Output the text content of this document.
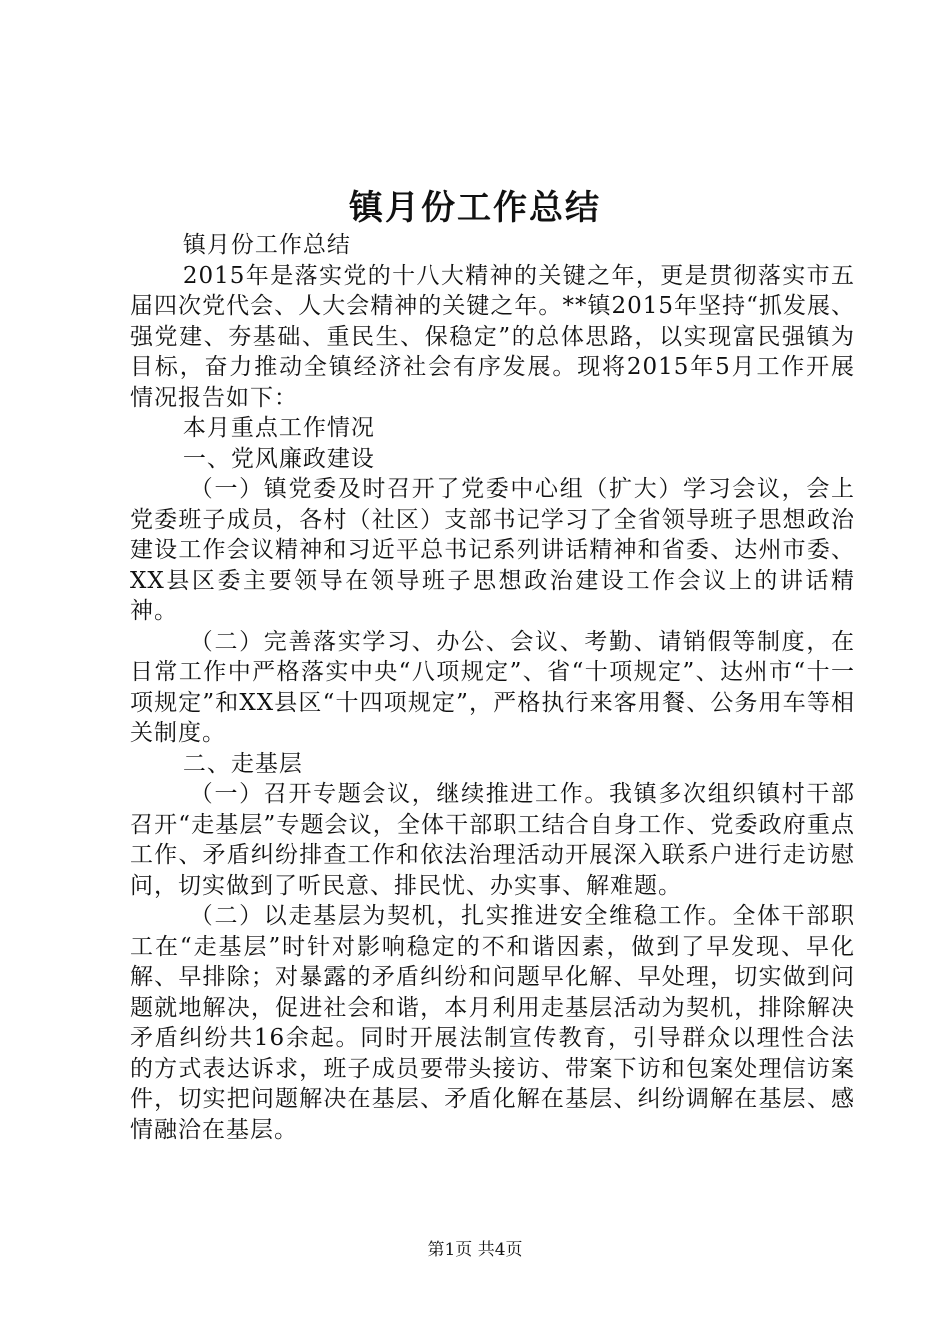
镇月份工作总结

镇月份工作总结

2015年是落实党的十八大精神的关键之年，更是贯彻落实市五届四次党代会、人大会精神的关键之年。**镇2015年坚持“抓发展、强党建、夯基础、重民生、保稳定”的总体思路，以实现富民强镇为目标，奋力推动全镇经济社会有序发展。现将2015年5月工作开展情况报告如下：

本月重点工作情况

一、党风廉政建设

（一）镇党委及时召开了党委中心组（扩大）学习会议，会上党委班子成员，各村（社区）支部书记学习了全省领导班子思想政治建设工作会议精神和习近平总书记系列讲话精神和省委、达州市委、XX县区委主要领导在领导班子思想政治建设工作会议上的讲话精神。

（二）完善落实学习、办公、会议、考勤、请销假等制度，在日常工作中严格落实中央“八项规定”、省“十项规定”、达州市“十一项规定”和XX县区“十四项规定”，严格执行来客用餐、公务用车等相关制度。

二、走基层

（一）召开专题会议，继续推进工作。我镇多次组织镇村干部召开“走基层”专题会议，全体干部职工结合自身工作、党委政府重点工作、矛盾纠纷排查工作和依法治理活动开展深入联系户进行走访慰问，切实做到了听民意、排民忧、办实事、解难题。

（二）以走基层为契机，扎实推进安全维稳工作。全体干部职工在“走基层”时针对影响稳定的不和谐因素，做到了早发现、早化解、早排除；对暴露的矛盾纠纷和问题早化解、早处理，切实做到问题就地解决，促进社会和谐，本月利用走基层活动为契机，排除解决矛盾纠纷共16余起。同时开展法制宣传教育，引导群众以理性合法的方式表达诉求，班子成员要带头接访、带案下访和包案处理信访案件，切实把问题解决在基层、矛盾化解在基层、纠纷调解在基层、感情融洽在基层。

第1页 共4页
